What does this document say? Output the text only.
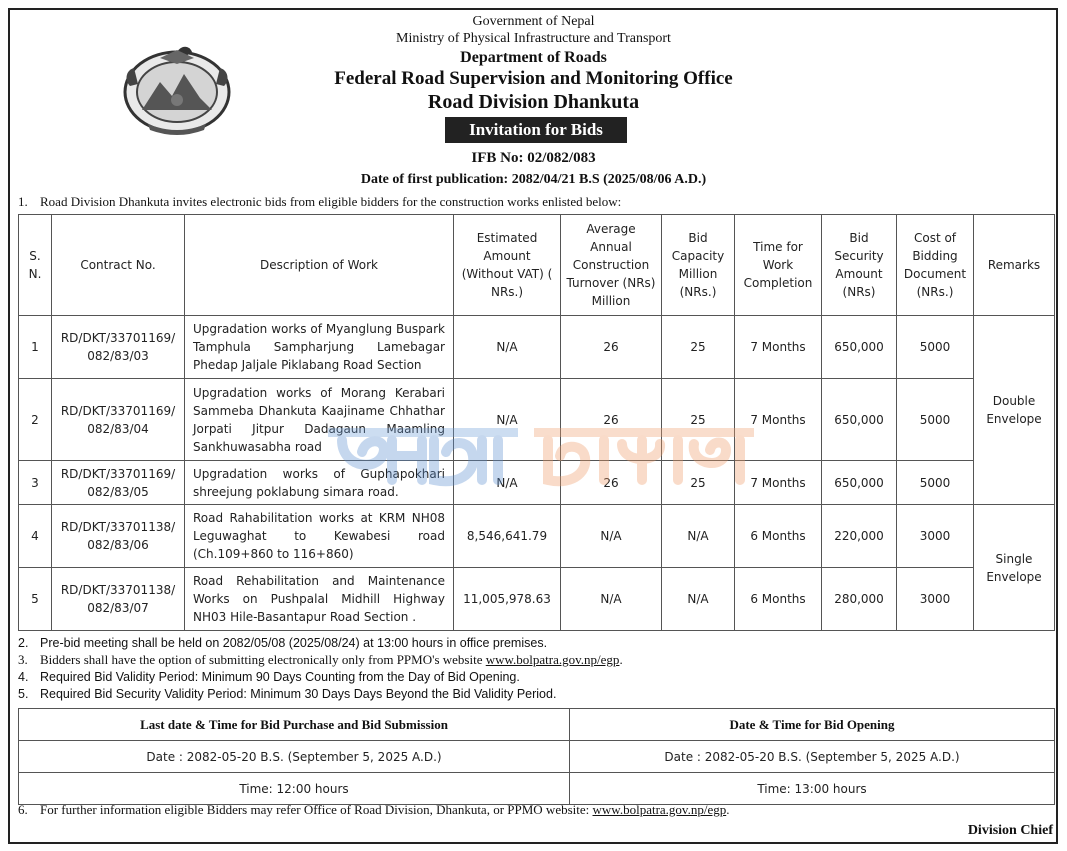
Government of Nepal
Ministry of Physical Infrastructure and Transport
Department of Roads
Federal Road Supervision and Monitoring Office
Road Division Dhankuta
Invitation for Bids
IFB No: 02/082/083
Date of first publication: 2082/04/21 B.S (2025/08/06 A.D.)
1. Road Division Dhankuta invites electronic bids from eligible bidders for the construction works enlisted below:
S. N.	Contract No.	Description of Work	Estimated Amount (Without VAT) ( NRs.)	Average Annual Construction Turnover (NRs) Million	Bid Capacity Million (NRs.)	Time for Work Completion	Bid Security Amount (NRs)	Cost of Bidding Document (NRs.)	Remarks
1	RD/DKT/33701169/ 082/83/03	Upgradation works of Myanglung Buspark Tamphula Sampharjung Lamebagar Phedap Jaljale Piklabang Road Section	N/A	26	25	7 Months	650,000	5000	Double Envelope
2	RD/DKT/33701169/ 082/83/04	Upgradation works of Morang Kerabari Sammeba Dhankuta Kaajiname Chhathar Jorpati Jitpur Dadagaun Maamling Sankhuwasabha road	N/A	26	25	7 Months	650,000	5000	
3	RD/DKT/33701169/ 082/83/05	Upgradation works of Guphapokhari shreejung poklabung simara road.	N/A	26	25	7 Months	650,000	5000	
4	RD/DKT/33701138/ 082/83/06	Road Rahabilitation works at KRM NH08 Leguwaghat to Kewabesi road (Ch.109+860 to 116+860)	8,546,641.79	N/A	N/A	6 Months	220,000	3000	Single Envelope
5	RD/DKT/33701138/ 082/83/07	Road Rehabilitation and Maintenance Works on Pushpalal Midhill Highway NH03 Hile-Basantapur Road Section .	11,005,978.63	N/A	N/A	6 Months	280,000	3000	
2. Pre-bid meeting shall be held on 2082/05/08 (2025/08/24) at 13:00 hours in office premises.
3. Bidders shall have the option of submitting electronically only from PPMO's website www.bolpatra.gov.np/egp.
4. Required Bid Validity Period: Minimum 90 Days Counting from the Day of Bid Opening.
5. Required Bid Security Validity Period: Minimum 30 Days Days Beyond the Bid Validity Period.
Last date & Time for Bid Purchase and Bid Submission	Date & Time for Bid Opening
Date : 2082-05-20 B.S. (September 5, 2025 A.D.)	Date : 2082-05-20 B.S. (September 5, 2025 A.D.)
Time: 12:00 hours	Time: 13:00 hours
6. For further information eligible Bidders may refer Office of Road Division, Dhankuta, or PPMO website: www.bolpatra.gov.np/egp.
Division Chief
